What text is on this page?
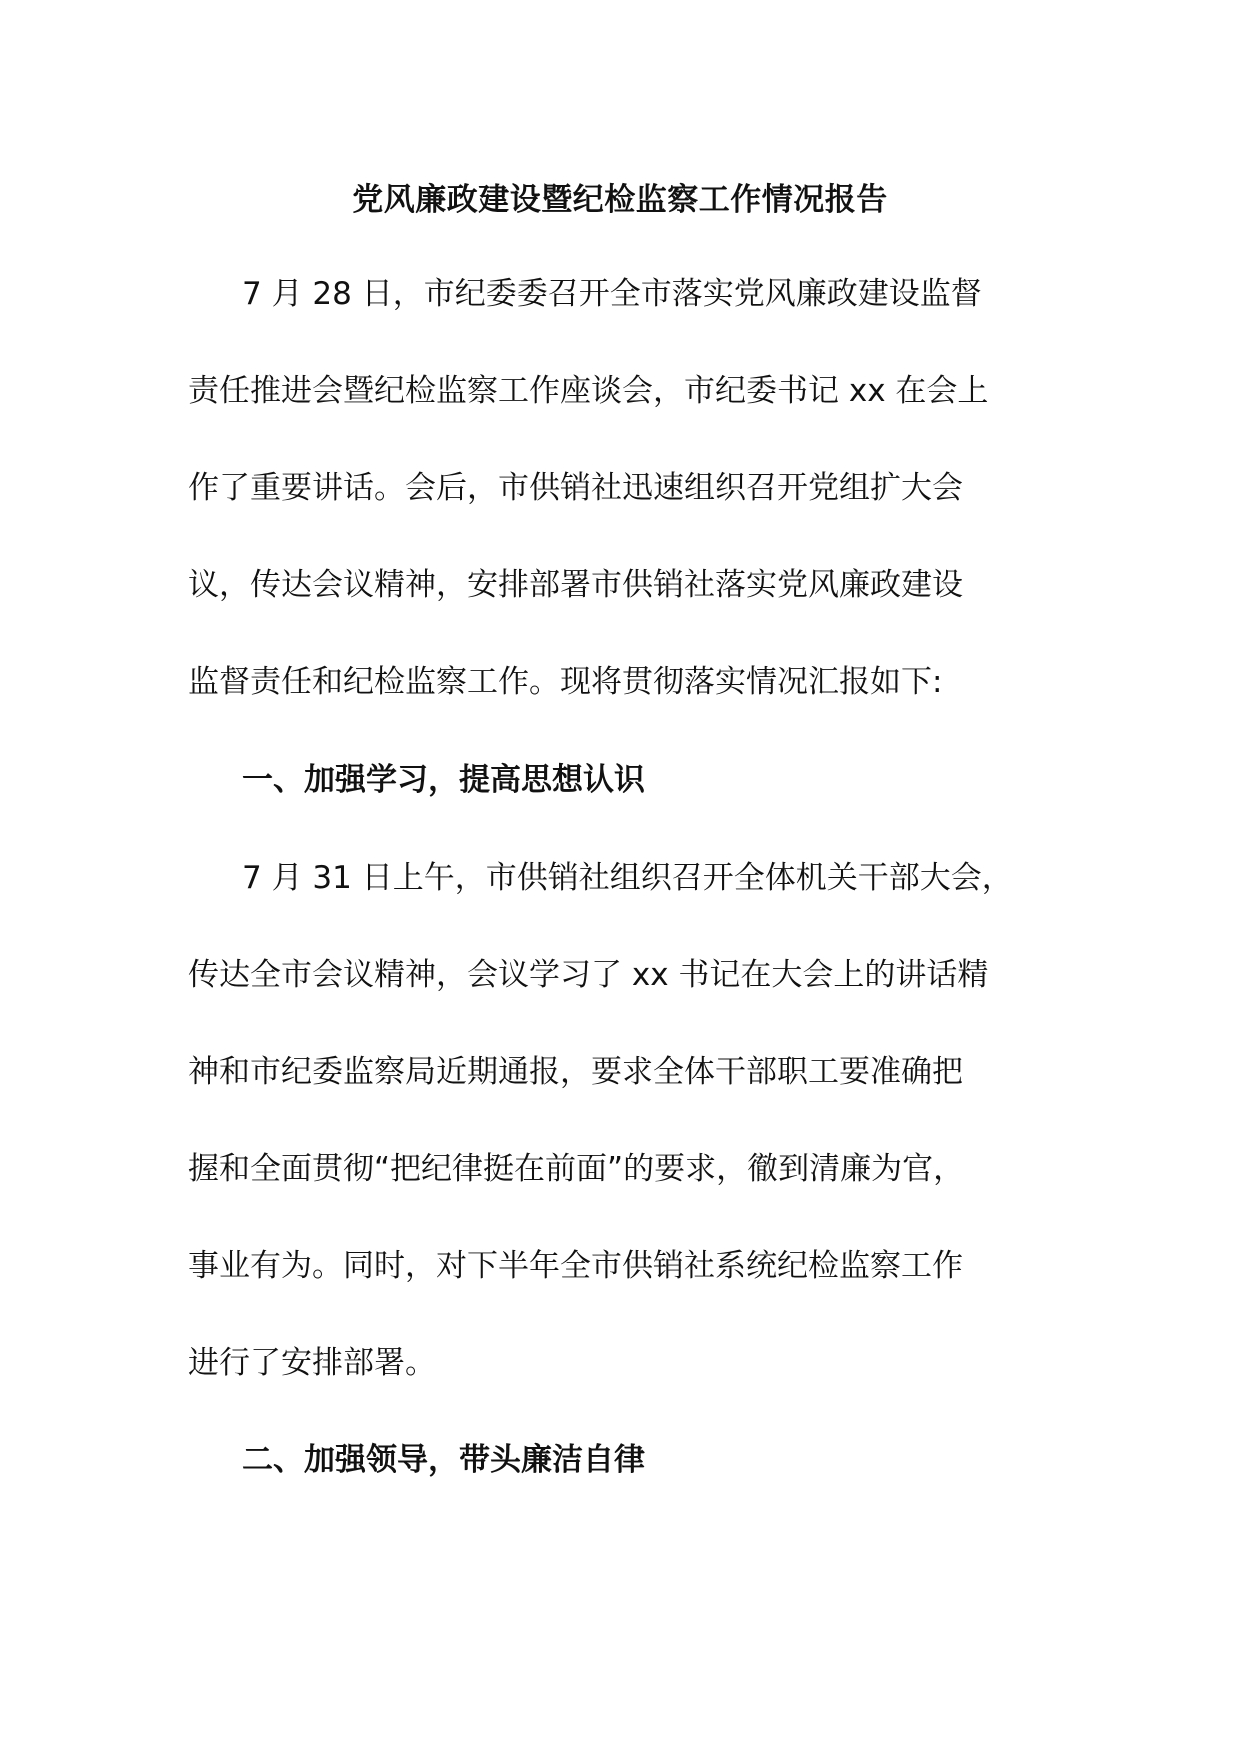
党风廉政建设暨纪检监察工作情况报告
7 月 28 日，市纪委委召开全市落实党风廉政建设监督
责任推进会暨纪检监察工作座谈会，市纪委书记 xx 在会上
作了重要讲话。会后，市供销社迅速组织召开党组扩大会
议，传达会议精神，安排部署市供销社落实党风廉政建设
监督责任和纪检监察工作。现将贯彻落实情况汇报如下:
一、加强学习，提高思想认识
7 月 31 日上午，市供销社组织召开全体机关干部大会，
传达全市会议精神，会议学习了 xx 书记在大会上的讲话精
神和市纪委监察局近期通报，要求全体干部职工要准确把
握和全面贯彻“把纪律挺在前面”的要求，徹到清廉为官，
事业有为。同时，对下半年全市供销社系统纪检监察工作
进行了安排部署。
二、加强领导，带头廉洁自律
